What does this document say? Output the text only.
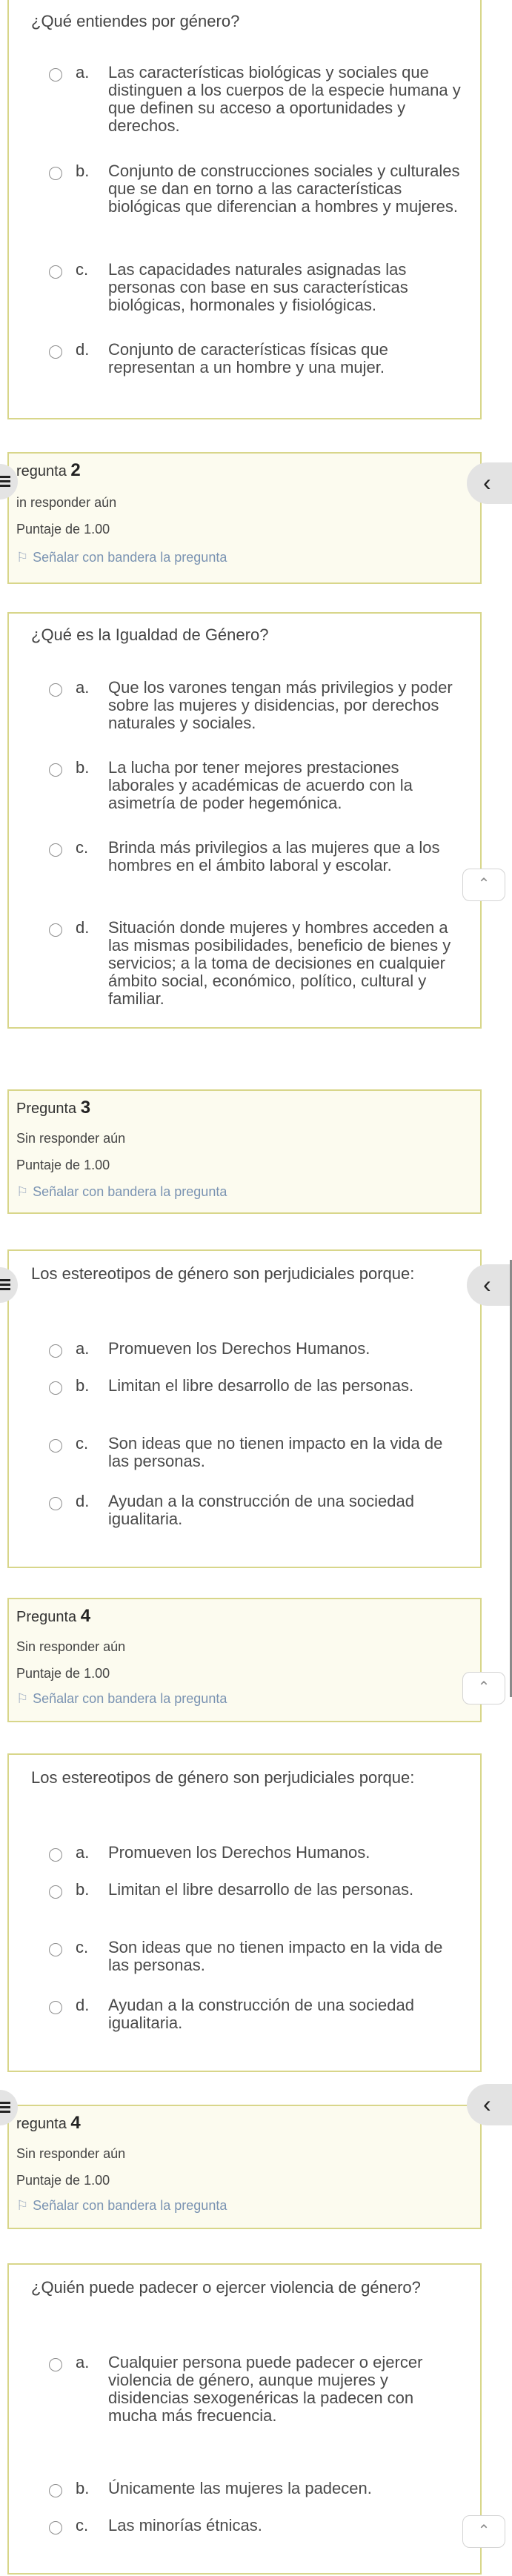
¿Qué entiendes por género?
a. Las características biológicas y sociales que distinguen a los cuerpos de la especie humana y que definen su acceso a oportunidades y derechos.
b. Conjunto de construcciones sociales y culturales que se dan en torno a las características biológicas que diferencian a hombres y mujeres.
c. Las capacidades naturales asignadas las personas con base en sus características biológicas, hormonales y fisiológicas.
d. Conjunto de características físicas que representan a un hombre y una mujer.
regunta 2
in responder aún
Puntaje de 1.00
⚐ Señalar con bandera la pregunta
¿Qué es la Igualdad de Género?
a. Que los varones tengan más privilegios y poder sobre las mujeres y disidencias, por derechos naturales y sociales.
b. La lucha por tener mejores prestaciones laborales y académicas de acuerdo con la asimetría de poder hegemónica.
c. Brinda más privilegios a las mujeres que a los hombres en el ámbito laboral y escolar.
d. Situación donde mujeres y hombres acceden a las mismas posibilidades, beneficio de bienes y servicios; a la toma de decisiones en cualquier ámbito social, económico, político, cultural y familiar.
Pregunta 3
Sin responder aún
Puntaje de 1.00
⚐ Señalar con bandera la pregunta
Los estereotipos de género son perjudiciales porque:
a. Promueven los Derechos Humanos.
b. Limitan el libre desarrollo de las personas.
c. Son ideas que no tienen impacto en la vida de las personas.
d. Ayudan a la construcción de una sociedad igualitaria.
Pregunta 4
Sin responder aún
Puntaje de 1.00
⚐ Señalar con bandera la pregunta
Los estereotipos de género son perjudiciales porque:
a. Promueven los Derechos Humanos.
b. Limitan el libre desarrollo de las personas.
c. Son ideas que no tienen impacto en la vida de las personas.
d. Ayudan a la construcción de una sociedad igualitaria.
regunta 4
Sin responder aún
Puntaje de 1.00
⚐ Señalar con bandera la pregunta
¿Quién puede padecer o ejercer violencia de género?
a. Cualquier persona puede padecer o ejercer violencia de género, aunque mujeres y disidencias sexogenéricas la padecen con mucha más frecuencia.
b. Únicamente las mujeres la padecen.
c. Las minorías étnicas.
‹
‹
‹
⌃
⌃
⌃
